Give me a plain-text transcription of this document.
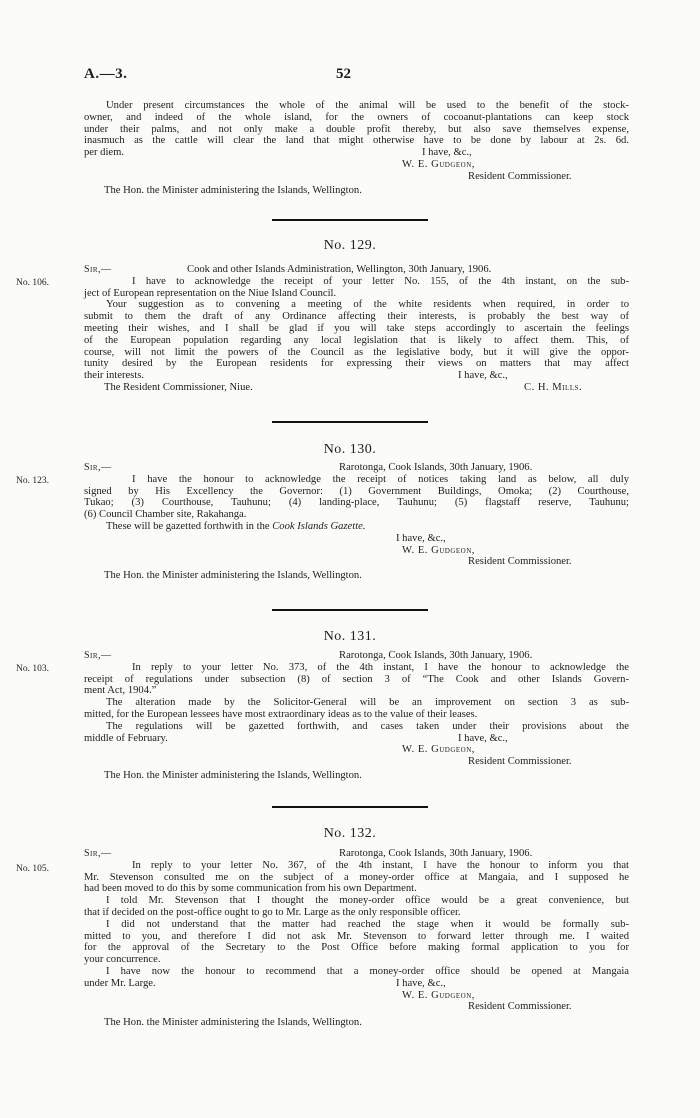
A.—3.	52
Under present circumstances the whole of the animal will be used to the benefit of the stock-
owner, and indeed of the whole island, for the owners of cocoanut-plantations can keep stock
under their palms, and not only make a double profit thereby, but also save themselves expense,
inasmuch as the cattle will clear the land that might otherwise have to be done by labour at 2s. 6d.
per diem.	I have, &c.,
W. E. Gudgeon,
Resident Commissioner.
The Hon. the Minister administering the Islands, Wellington.
No. 129.
No. 106.
Sir,—	Cook and other Islands Administration, Wellington, 30th January, 1906.
I have to acknowledge the receipt of your letter No. 155, of the 4th instant, on the sub-
ject of European representation on the Niue Island Council.
Your suggestion as to convening a meeting of the white residents when required, in order to
submit to them the draft of any Ordinance affecting their interests, is probably the best way of
meeting their wishes, and I shall be glad if you will take steps accordingly to ascertain the feelings
of the European population regarding any local legislation that is likely to affect them. This, of
course, will not limit the powers of the Council as the legislative body, but it will give the oppor-
tunity desired by the European residents for expressing their views on matters that may affect
their interests.	I have, &c.,
The Resident Commissioner, Niue.	C. H. Mills.
No. 130.
No. 123.
Sir,—	Rarotonga, Cook Islands, 30th January, 1906.
I have the honour to acknowledge the receipt of notices taking land as below, all duly
signed by His Excellency the Governor: (1) Government Buildings, Omoka; (2) Courthouse,
Tukao; (3) Courthouse, Tauhunu; (4) landing-place, Tauhunu; (5) flagstaff reserve, Tauhunu;
(6) Council Chamber site, Rakahanga.
These will be gazetted forthwith in the Cook Islands Gazette.
I have, &c.,
W. E. Gudgeon,
Resident Commissioner.
The Hon. the Minister administering the Islands, Wellington.
No. 131.
No. 103.
Sir,—	Rarotonga, Cook Islands, 30th January, 1906.
In reply to your letter No. 373, of the 4th instant, I have the honour to acknowledge the
receipt of regulations under subsection (8) of section 3 of “The Cook and other Islands Govern-
ment Act, 1904.”
The alteration made by the Solicitor-General will be an improvement on section 3 as sub-
mitted, for the European lessees have most extraordinary ideas as to the value of their leases.
The regulations will be gazetted forthwith, and cases taken under their provisions about the
middle of February.	I have, &c.,
W. E. Gudgeon,
Resident Commissioner.
The Hon. the Minister administering the Islands, Wellington.
No. 132.
No. 105.
Sir,—	Rarotonga, Cook Islands, 30th January, 1906.
In reply to your letter No. 367, of the 4th instant, I have the honour to inform you that
Mr. Stevenson consulted me on the subject of a money-order office at Mangaia, and I supposed he
had been moved to do this by some communication from his own Department.
I told Mr. Stevenson that I thought the money-order office would be a great convenience, but
that if decided on the post-office ought to go to Mr. Large as the only responsible officer.
I did not understand that the matter had reached the stage when it would be formally sub-
mitted to you, and therefore I did not ask Mr. Stevenson to forward letter through me. I waited
for the approval of the Secretary to the Post Office before making formal application to you for
your concurrence.
I have now the honour to recommend that a money-order office should be opened at Mangaia
under Mr. Large.	I have, &c.,
W. E. Gudgeon,
Resident Commissioner.
The Hon. the Minister administering the Islands, Wellington.
